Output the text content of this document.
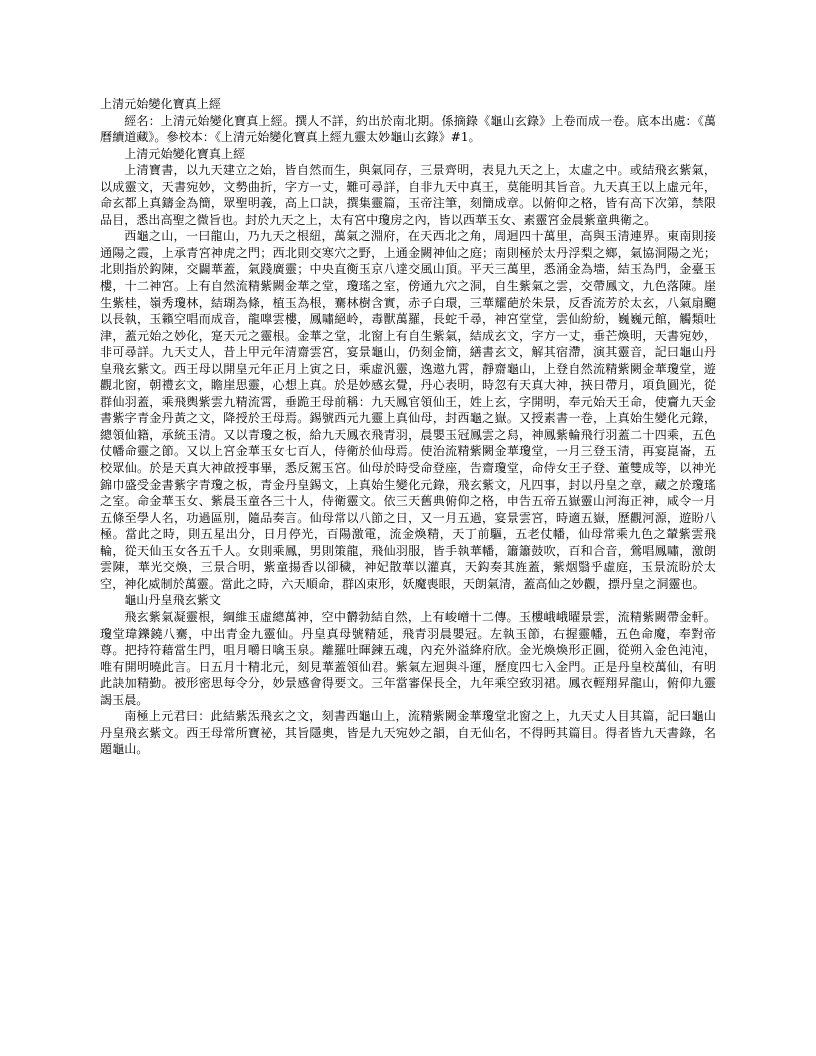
上清元始變化寶真上經

經名：上清元始變化寶真上經。撰人不詳，約出於南北期。係摘錄《龜山玄錄》上卷而成一卷。底本出處：《萬曆續道藏》。參校本：《上清元始變化寶真上經九靈太妙龜山玄錄》#1。

上清元始變化寶真上經

上清寶書，以九天建立之始，皆自然而生，與氣同存，三景齊明，表見九天之上，太虛之中。或結飛玄紫氣，以成靈文，天書宛妙，文勢曲折，字方一丈，難可尋詳，自非九天中真王，莫能明其旨音。九天真王以上虛元年，命玄都上真鑄金為簡，眾聖明義，高上口訣，撰集靈篇，玉帝注筆，刻簡成章。以俯仰之格，皆有高下次第，禁限品目，悉出高聖之微旨也。封於九天之上，太有宮中瓊房之內，皆以西華玉女、素靈宮金晨紫童典衛之。

西龜之山，一曰龍山，乃九天之根紐，萬氣之淵府，在天西北之角，周迴四十萬里，高與玉清連界。東南則接通陽之霞，上承青宮神虎之門；西北則交寒穴之野，上通金闕神仙之庭；南則極於太丹浮梨之鄉，氣協洞陽之光；北則指於鈎陳，交闢華蓋，氣踐廣靈；中央直衡玉京八達交風山頂。平天三萬里，悉涌金為墻，結玉為門，金臺玉樓，十二神宮。上有自然流精紫闕金華之堂，瓊瑤之室，傍通九穴之洞，自生紫氣之雲，交帶鳳文，九色落陳。崖生紫桂，嶺秀瓊林，結瑚為條，植玉為根，騫林樹含實，赤子白環，三華耀葩於朱景，反香流芳於太玄，八氣扇飀以長執，玉籟空唱而成音，龍嘷雲樓，鳳嘯絕岭，毒獸萬羅，長蛇千尋，神宮堂堂，雲仙紛紛，巍巍元館，觸類吐津，蓋元始之妙化，寔天元之靈根。金華之堂，北窗上有自生紫氣，結成玄文，字方一丈，垂芒煥明，天書宛妙，非可尋詳。九天丈人，昔上甲元年清齋雲宮，宴景龜山，仍刻金簡，繕書玄文，解其宿滯，演其靈音，記曰龜山丹皇飛玄紫文。西王母以開皇元年正月上寅之日，乘虛汎靈，逸遨九霄，靜齋龜山，上登自然流精紫闕金華瓊堂，遊觀北窗，朝禮玄文，瞻崖思靈，心想上真。於是妙感玄覺，丹心表明，時忽有天真大神，挾日帶月，項負圓光，從群仙羽蓋，乘飛輿紫雲九精流霄，垂跪王母前稱：九天鳳官領仙王，姓上玄，字開明，奉元始天王命，使齎九天金書紫字青金丹黃之文，降授於王母焉。錫號西元九靈上真仙母，封西龜之嶽。又授素書一卷，上真始生變化元錄，總領仙籍，承統玉清。又以青瓊之板，給九天鳳衣飛青羽，晨嬰玉冠鳳雲之舄，神鳳紫輪飛行羽蓋二十四乘，五色仗幡命靈之節。又以上宮金華玉女七百人，侍衛於仙母焉。使治流精紫闕金華瓊堂，一月三登玉清，再宴崑崙，五校眾仙。於是天真大神啟授事畢，悉反駕玉宮。仙母於時受命登座，告齋瓊堂，命侍女王子登、董雙成等，以神光錦巾盛受金書紫字青瓊之板，青金丹皇錫文，上真始生變化元錄，飛玄紫文，凡四事，封以丹皇之章，藏之於瓊瑤之室。命金華玉女、紫晨玉童各三十人，侍衛靈文。依三天舊典俯仰之格，申告五帝五嶽靈山河海正神，咸令一月五條至學人名，功過區別，隨品奏言。仙母常以八節之日，又一月五過，宴景雲宮，時適五嶽，歷觀河源，遊盼八極。當此之時，則五星出分，日月停光，百陽激電，流金煥精，天丁前驅，五老仗幡，仙母常乘九色之輦紫雲飛輪，從天仙玉女各五千人。女則乘鳳，男則策龍，飛仙羽服，皆手執華幡，簫簫鼓吹，百和合音，鶯唱鳳嘯，激朗雲陳，華光交煥，三景合明，紫童揚香以卻穢，神妃散華以灌真，天鈎奏其旌蓋，紫烟翳乎虛庭，玉景流盼於太空，神化威制於萬靈。當此之時，六天順命，群凶束形，妖魔喪眼，天朗氣清，蓋高仙之妙觀，摽丹皇之洞靈也。

龜山丹皇飛玄紫文

飛玄紫氣凝靈根，綱維玉虛總萬神，空中欝勃結自然，上有峻嶒十二傳。玉樓峨峨曜景雲，流精紫闕帶金軒。瓊堂瑋鑠鐃八騫，中出青金九靈仙。丹皇真母號精延，飛青羽晨嬰冠。左執玉節，右握靈幡，五色命魔，奉對帝尊。把持符藉當生門，咀月嚼日噙玉泉。離羅吐暉鍊五魂，內充外溢絳府欣。金光煥煥形正圓，從朔入金色沌沌，唯有開明曉此言。日五月十精北元，刻見華蓋領仙君。紫氣左迴與斗運，歷度四七入金門。正是丹皇校萬仙，有明此訣加精勤。被形密思每令分，妙景感會得要文。三年當審保長全，九年乘空致羽裙。鳳衣輕翔昇龍山，俯仰九靈謁玉晨。

南極上元君曰：此結紫炁飛玄之文，刻書西龜山上，流精紫闕金華瓊堂北窗之上，九天丈人目其篇，記曰龜山丹皇飛玄紫文。西王母常所寶祕，其旨隱奧，皆是九天宛妙之韻，自无仙名，不得眄其篇目。得者皆九天書錄，名題龜山。
